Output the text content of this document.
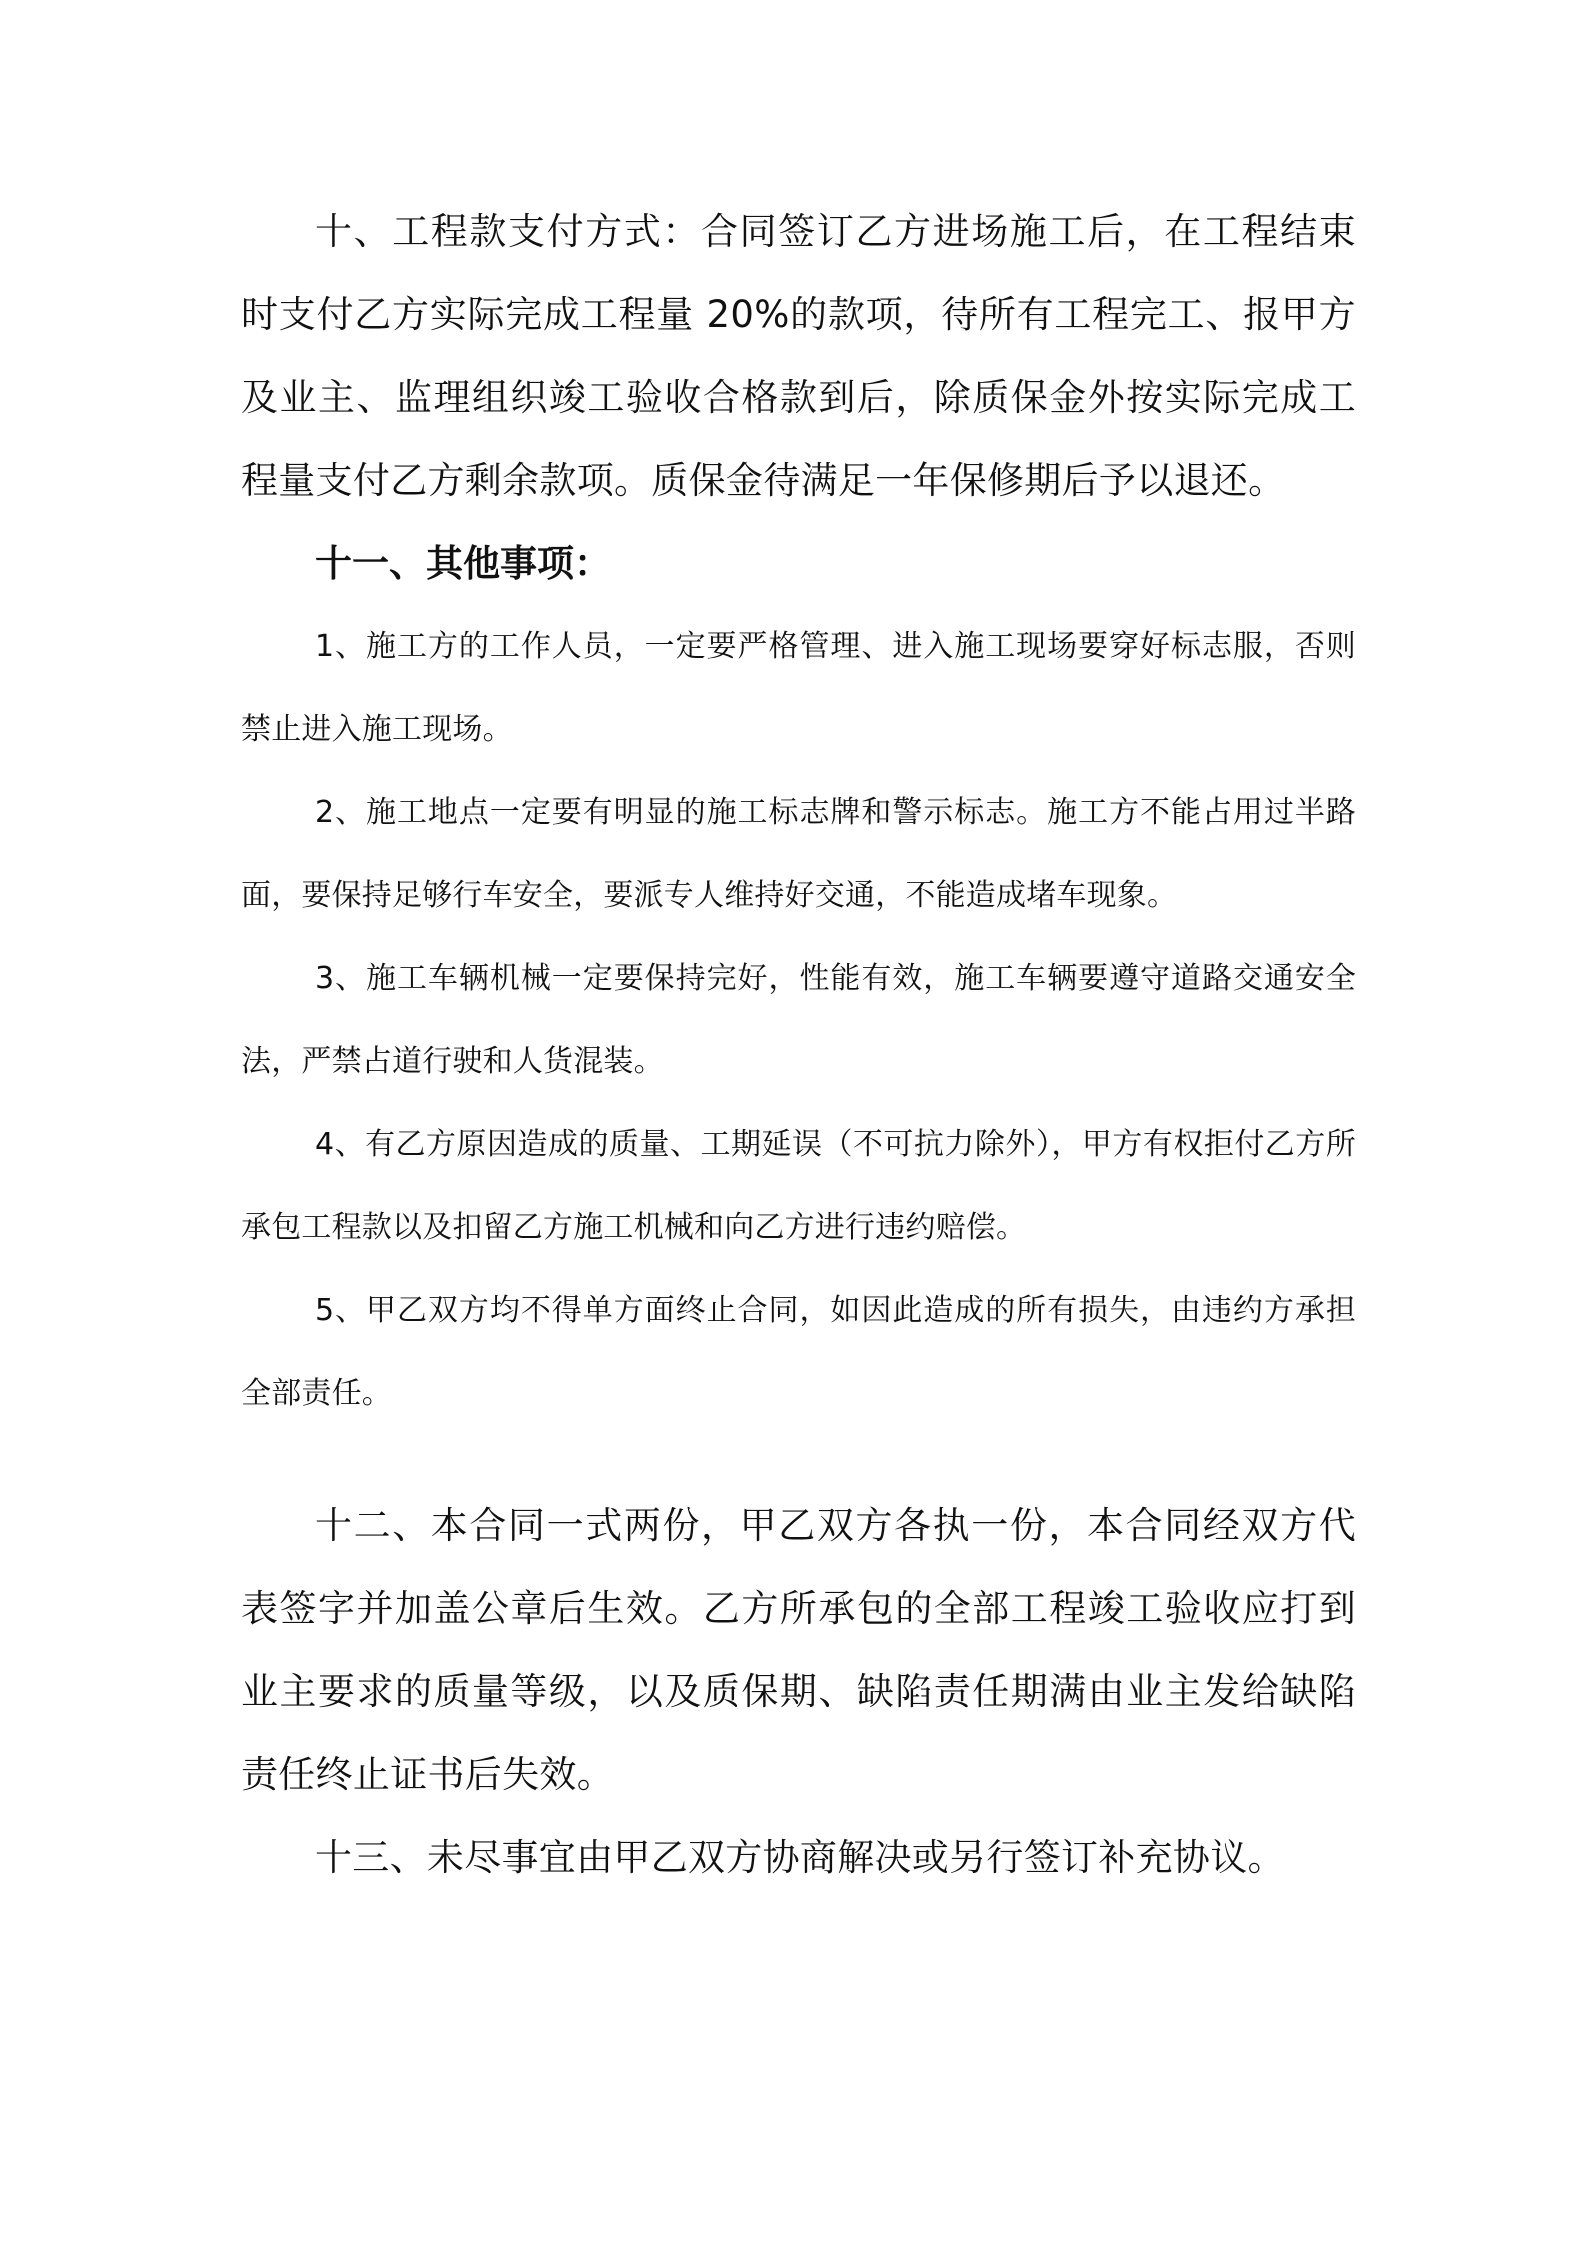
十、工程款支付方式：合同签订乙方进场施工后，在工程结束时支付乙方实际完成工程量 20%的款项，待所有工程完工、报甲方及业主、监理组织竣工验收合格款到后，除质保金外按实际完成工程量支付乙方剩余款项。质保金待满足一年保修期后予以退还。

十一、其他事项：

1、施工方的工作人员，一定要严格管理、进入施工现场要穿好标志服，否则禁止进入施工现场。

2、施工地点一定要有明显的施工标志牌和警示标志。施工方不能占用过半路面，要保持足够行车安全，要派专人维持好交通，不能造成堵车现象。

3、施工车辆机械一定要保持完好，性能有效，施工车辆要遵守道路交通安全法，严禁占道行驶和人货混装。

4、有乙方原因造成的质量、工期延误（不可抗力除外），甲方有权拒付乙方所承包工程款以及扣留乙方施工机械和向乙方进行违约赔偿。

5、甲乙双方均不得单方面终止合同，如因此造成的所有损失，由违约方承担全部责任。

十二、本合同一式两份，甲乙双方各执一份，本合同经双方代表签字并加盖公章后生效。乙方所承包的全部工程竣工验收应打到业主要求的质量等级，以及质保期、缺陷责任期满由业主发给缺陷责任终止证书后失效。

十三、未尽事宜由甲乙双方协商解决或另行签订补充协议。
